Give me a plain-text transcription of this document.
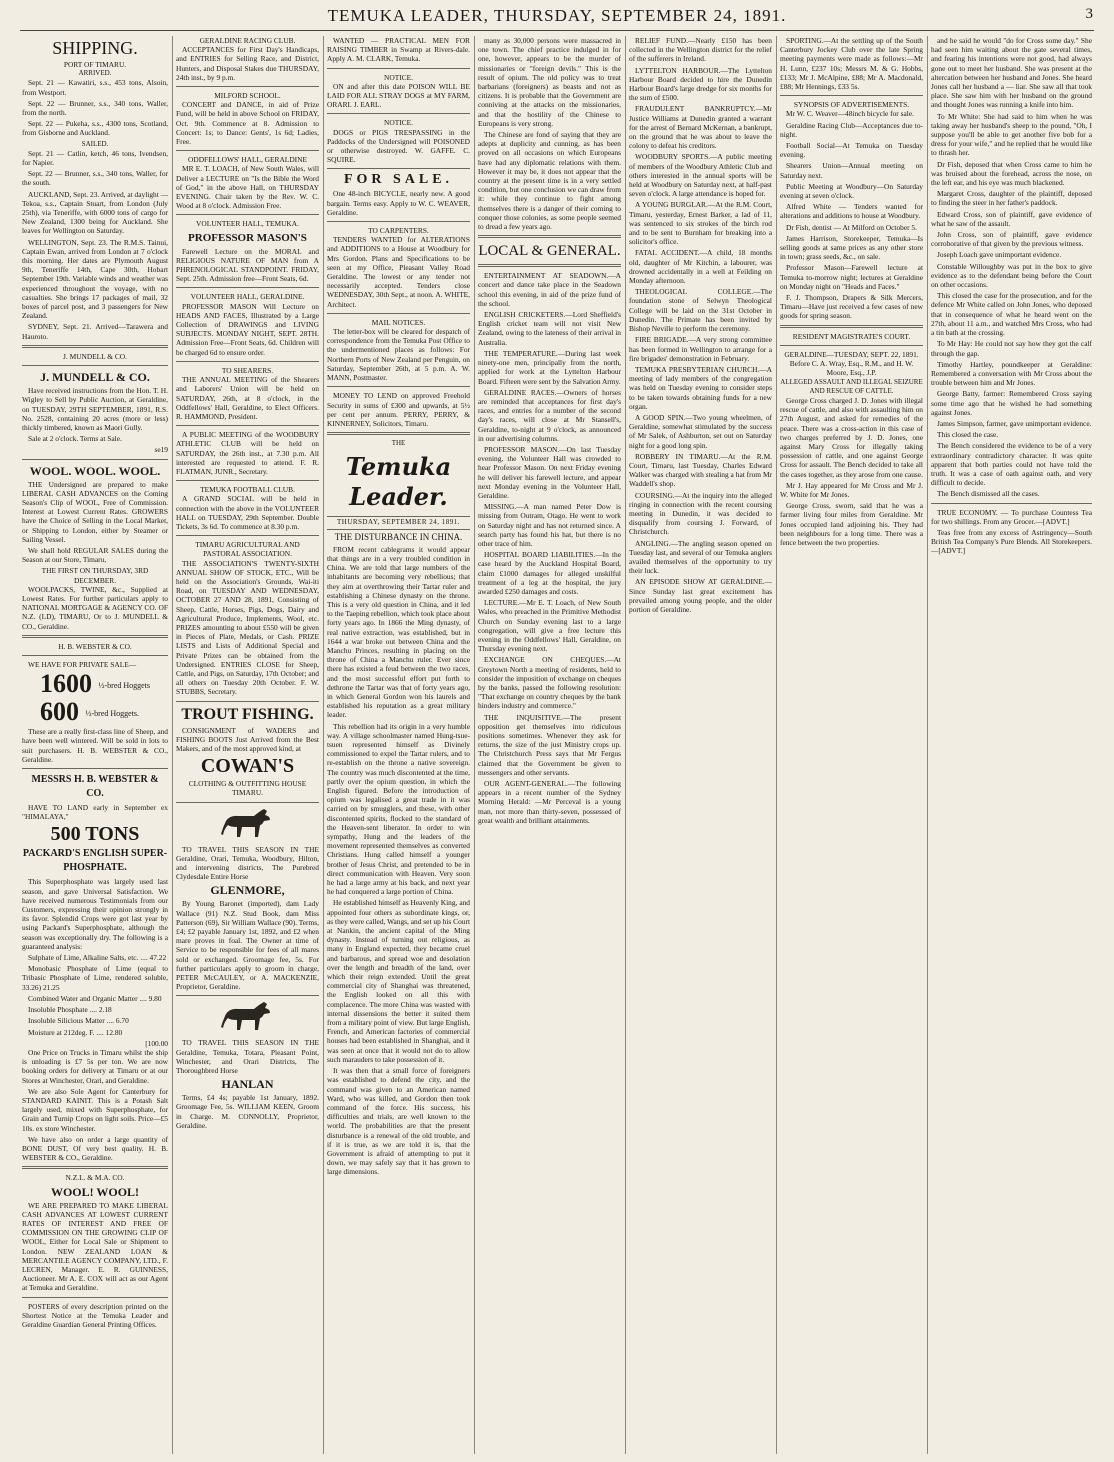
TEMUKA LEADER, THURSDAY, SEPTEMBER 24, 1891.	3
SHIPPING.
PORT OF TIMARU.
ARRIVED.

Sept. 21 — Kawatiri, s.s., 453 tons, Alsoin, from Westport.

Sept. 22 — Brunner, s.s., 340 tons, Waller, from the north.

Sept. 22 — Pukeha, s.s., 4300 tons, Scotland, from Gisborne and Auckland.

SAILED.

Sept. 21 — Catlin, ketch, 46 tons, Ivendsen, for Napier.

Sept. 22 — Brunner, s.s., 340 tons, Waller, for the south.

AUCKLAND, Sept. 23. Arrived, at daylight — Tekoa, s.s., Captain Stuart, from London (July 25th), via Teneriffe, with 6000 tons of cargo for New Zealand, 1300 being for Auckland. She leaves for Wellington on Saturday.

WELLINGTON, Sept. 23. The R.M.S. Tainui, Captain Ewan, arrived from London at 7 o'clock this morning. Her dates are Plymouth August 9th, Teneriffe 14th, Cape 30th, Hobart September 19th. Variable winds and weather was experienced throughout the voyage, with no casualties. She brings 17 packages of mail, 32 boxes of parcel post, and 3 passengers for New Zealand.

SYDNEY, Sept. 21. Arrived—Tarawera and Hauroto.

J. MUNDELL & CO.
J. MUNDELL & CO.

Have received instructions from the Hon. T. H. Wigley to Sell by Public Auction, at Geraldine, on TUESDAY, 29TH SEPTEMBER, 1891, R.S. No. 2528, containing 20 acres (more or less) thickly timbered, known as Maori Gully.

Sale at 2 o'clock. Terms at Sale.

se19
WOOL. WOOL. WOOL.

THE Undersigned are prepared to make LIBERAL CASH ADVANCES on the Coming Season's Clip of WOOL, Free of Commission. Interest at Lowest Current Rates. GROWERS have the Choice of Selling in the Local Market, or Shipping to London, either by Steamer or Sailing Vessel.

We shall hold REGULAR SALES during the Season at our Store, Timaru,

THE FIRST ON THURSDAY, 3RD DECEMBER.

WOOLPACKS, TWINE, &c., Supplied at Lowest Rates. For further particulars apply to NATIONAL MORTGAGE & AGENCY CO. OF N.Z. (LD), TIMARU, Or to J. MUNDELL & CO., Geraldine.

H. B. WEBSTER & CO.

WE HAVE FOR PRIVATE SALE—

1600 ½-bred Hoggets
600 ½-bred Hoggets.

These are a really first-class line of Sheep, and have been well wintered. Will be sold in lots to suit purchasers. H. B. WEBSTER & CO., Geraldine.

MESSRS H. B. WEBSTER & CO.

HAVE TO LAND early in September ex "HIMALAYA,"

500 TONS
PACKARD'S ENGLISH SUPER-PHOSPHATE.

This Superphosphate was largely used last season, and gave Universal Satisfaction. We have received numerous Testimonials from our Customers, expressing their opinion strongly in its favor. Splendid Crops were got last year by using Packard's Superphosphate, although the season was exceptionally dry. The following is a guaranteed analysis:

Sulphate of Lime, Alkaline Salts, etc. .... 47.22

Monobasic Phosphate of Lime (equal to Tribasic Phosphate of Lime, rendered soluble, 33.26) 21.25

Combined Water and Organic Matter .... 9.80

Insoluble Phosphate .... 2.18

Insoluble Silicious Matter .... 6.70

Moisture at 212deg. F. .... 12.80

[100.00

One Price on Trucks in Timaru whilst the ship is unloading is £7 5s per ton. We are now booking orders for delivery at Timaru or at our Stores at Winchester, Orari, and Geraldine.

We are also Sole Agent for Canterbury for STANDARD KAINIT. This is a Potash Salt largely used, mixed with Superphosphate, for Grain and Turnip Crops on light soils. Price—£5 10s. ex store Winchester.

We have also on order a large quantity of BONE DUST, Of very best quality. H. B. WEBSTER & CO., Geraldine.

N.Z.L. & M.A. CO.
WOOL! WOOL!

WE ARE PREPARED TO MAKE LIBERAL CASH ADVANCES AT LOWEST CURRENT RATES OF INTEREST AND FREE OF COMMISSION ON THE GROWING CLIP OF WOOL, Either for Local Sale or Shipment to London. NEW ZEALAND LOAN & MERCANTILE AGENCY COMPANY, LTD., F. LECREN, Manager. E. R. GUINNESS, Auctioneer. Mr A. E. COX will act as our Agent at Temuka and Geraldine.

POSTERS of every description printed on the Shortest Notice at the Temuka Leader and Geraldine Guardian General Printing Offices.

GERALDINE RACING CLUB.

ACCEPTANCES for First Day's Handicaps, and ENTRIES for Selling Race, and District, Hunters, and Disposal Stakes due THURSDAY, 24th inst., by 9 p.m.

MILFORD SCHOOL.

CONCERT and DANCE, in aid of Prize Fund, will be held in above School on FRIDAY, Oct. 9th. Commence at 8. Admission to Concert: 1s; to Dance: Gents', 1s 6d; Ladies, Free.

ODDFELLOWS' HALL, GERALDINE

MR E. T. LOACH, of New South Wales, will Deliver a LECTURE on "Is the Bible the Word of God," in the above Hall, on THURSDAY EVENING. Chair taken by the Rev. W. C. Wood at 8 o'clock. Admission Free.

VOLUNTEER HALL, TEMUKA.
PROFESSOR MASON'S

Farewell Lecture on the MORAL and RELIGIOUS NATURE OF MAN from A PHRENOLOGICAL STANDPOINT. FRIDAY, Sept. 25th. Admission free—Front Seats, 6d.

VOLUNTEER HALL, GERALDINE.

PROFESSOR MASON Will Lecture on HEADS AND FACES, Illustrated by a Large Collection of DRAWINGS and LIVING SUBJECTS. MONDAY NIGHT, SEPT. 28TH. Admission Free—Front Seats, 6d. Children will be charged 6d to ensure order.

TO SHEARERS.

THE ANNUAL MEETING of the Shearers and Laborers' Union will be held on SATURDAY, 26th, at 8 o'clock, in the Oddfellows' Hall, Geraldine, to Elect Officers. R. HAMMOND, President.

A PUBLIC MEETING of the WOODBURY ATHLETIC CLUB will be held on SATURDAY, the 26th inst., at 7.30 p.m. All interested are requested to attend. F. R. FLATMAN, JUNR., Secretary.

TEMUKA FOOTBALL CLUB.

A GRAND SOCIAL will be held in connection with the above in the VOLUNTEER HALL on TUESDAY, 29th September. Double Tickets, 3s 6d. To commence at 8.30 p.m.

TIMARU AGRICULTURAL AND PASTORAL ASSOCIATION.

THE ASSOCIATION'S TWENTY-SIXTH ANNUAL SHOW OF STOCK, ETC., Will be held on the Association's Grounds, Wai-iti Road, on TUESDAY AND WEDNESDAY, OCTOBER 27 AND 28, 1891, Consisting of Sheep, Cattle, Horses, Pigs, Dogs, Dairy and Agricultural Produce, Implements, Wool, etc. PRIZES amounting to about £550 will be given in Pieces of Plate, Medals, or Cash. PRIZE LISTS and Lists of Additional Special and Private Prizes can be obtained from the Undersigned. ENTRIES CLOSE for Sheep, Cattle, and Pigs, on Saturday, 17th October; and all others on Tuesday 20th October. F. W. STUBBS, Secretary.

TROUT FISHING.

CONSIGNMENT of WADERS and FISHING BOOTS Just Arrived from the Best Makers, and of the most approved kind, at

COWAN'S
CLOTHING & OUTFITTING HOUSE TIMARU.

TO TRAVEL THIS SEASON IN THE Geraldine, Orari, Temuka, Woodbury, Hilton, and intervening districts, The Purebred Clydesdale Entire Horse

GLENMORE,

By Young Baronet (imported), dam Lady Wallace (91) N.Z. Stud Book, dam Miss Patterson (69), Sir William Wallace (90). Terms, £4; £2 payable January 1st, 1892, and £2 when mare proves in foal. The Owner at time of Service to be responsible for fees of all mares sold or exchanged. Groomage fee, 5s. For further particulars apply to groom in charge, PETER McCAULEY, or A. MACKENZIE, Proprietor, Geraldine.

TO TRAVEL THIS SEASON IN THE Geraldine, Temuka, Totara, Pleasant Point, Winchester, and Orari Districts, The Thoroughbred Horse

HANLAN

Terms, £4 4s; payable 1st January, 1892. Groomage Fee, 5s. WILLIAM KEEN, Groom in Charge. M. CONNOLLY, Proprietor, Geraldine.

WANTED — PRACTICAL MEN FOR RAISING TIMBER in Swamp at Rivers-dale. Apply A. M. CLARK, Temuka.

NOTICE.

ON and after this date POISON WILL BE LAID FOR ALL STRAY DOGS at MY FARM, ORARI. J. EARL.

NOTICE.

DOGS or PIGS TRESPASSING in the Paddocks of the Undersigned will POISONED or otherwise destroyed. W. GAFFE. C. SQUIRE.

FOR SALE.

One 48-inch BICYCLE, nearly new. A good bargain. Terms easy. Apply to W. C. WEAVER, Geraldine.

TO CARPENTERS.

TENDERS WANTED for ALTERATIONS and ADDITIONS to a House at Woodbury for Mrs Gordon. Plans and Specifications to be seen at my Office, Pleasant Valley Road Geraldine. The lowest or any tender not necessarily accepted. Tenders close WEDNESDAY, 30th Sept., at noon. A. WHITE, Architect.

MAIL NOTICES.

The letter-box will be cleared for despatch of correspondence from the Temuka Post Office to the undermentioned places as follows: For Northern Ports of New Zealand per Penguin, on Saturday, September 26th, at 5 p.m. A. W. MANN, Postmaster.

MONEY TO LEND on approved Freehold Security in sums of £300 and upwards, at 5½ per cent per annum. PERRY, PERRY, & KINNERNEY, Solicitors, Timaru.

THE
Temuka Leader.
THURSDAY, SEPTEMBER 24, 1891.
THE DISTURBANCE IN CHINA.

FROM recent cablegrams it would appear that things are in a very troubled condition in China. We are told that large numbers of the inhabitants are becoming very rebellious; that they aim at overthrowing their Tartar ruler and establishing a Chinese dynasty on the throne. This is a very old question in China, and it led to the Taeping rebellion, which took place about forty years ago. In 1866 the Ming dynasty, of real native extraction, was established, but in 1644 a war broke out between China and the Manchu Princes, resulting in placing on the throne of China a Manchu ruler. Ever since there has existed a feud between the two races, and the most successful effort put forth to dethrone the Tartar was that of forty years ago, in which General Gordon won his laurels and established his reputation as a great military leader.

This rebellion had its origin in a very humble way. A village schoolmaster named Hung-tsue-tsuen represented himself as Divinely commissioned to expel the Tartar rulers, and to re-establish on the throne a native sovereign. The country was much discontented at the time, partly over the opium question, in which the English figured. Before the introduction of opium was legalised a great trade in it was carried on by smugglers, and these, with other discontented spirits, flocked to the standard of the Heaven-sent liberator. In order to win sympathy, Hung and the leaders of the movement represented themselves as converted Christians. Hung called himself a younger brother of Jesus Christ, and pretended to be in direct communication with Heaven. Very soon he had a large army at his back, and next year he had conquered a large portion of China.

He established himself as Heavenly King, and appointed four others as subordinate kings, or, as they were called, Wangs, and set up his Court at Nankin, the ancient capital of the Ming dynasty. Instead of turning out religious, as many in England expected, they became cruel and barbarous, and spread woe and desolation over the length and breadth of the land, over which their reign extended. Until the great commercial city of Shanghai was threatened, the English looked on all this with complacence. The more China was wasted with internal dissensions the better it suited them from a military point of view. But large English, French, and American factories of commercial houses had been established in Shanghai, and it was seen at once that it would not do to allow such marauders to take possession of it.

It was then that a small force of foreigners was established to defend the city, and the command was given to an American named Ward, who was killed, and Gordon then took command of the force. His success, his difficulties and trials, are well known to the world. The probabilities are that the present disturbance is a renewal of the old trouble, and if it is true, as we are told it is, that the Government is afraid of attempting to put it down, we may safely say that it has grown to large dimensions.

many as 30,000 persons were massacred in one town. The chief practice indulged in for one, however, appears to be the murder of missionaries or "foreign devils." This is the result of opium. The old policy was to treat barbarians (foreigners) as beasts and not as citizens. It is probable that the Government are conniving at the attacks on the missionaries, and that the hostility of the Chinese to Europeans is very strong.

The Chinese are fond of saying that they are adepts at duplicity and cunning, as has been proved on all occasions on which Europeans have had any diplomatic relations with them. However it may be, it does not appear that the country at the present time is in a very settled condition, but one conclusion we can draw from it: while they continue to fight among themselves there is a danger of their coming to conquer those colonies, as some people seemed to dread a few years ago.

LOCAL & GENERAL.

ENTERTAINMENT AT SEADOWN.—A concert and dance take place in the Seadown school this evening, in aid of the prize fund of the school.

ENGLISH CRICKETERS.—Lord Sheffield's English cricket team will not visit New Zealand, owing to the lateness of their arrival in Australia.

THE TEMPERATURE.—During last week ninety-one men, principally from the north, applied for work at the Lyttelton Harbour Board. Fifteen were sent by the Salvation Army.

GERALDINE RACES.—Owners of horses are reminded that acceptances for first day's races, and entries for a number of the second day's races, will close at Mr Stansell's, Geraldine, to-night at 9 o'clock, as announced in our advertising columns.

PROFESSOR MASON.—On last Tuesday evening, the Volunteer Hall was crowded to hear Professor Mason. On next Friday evening he will deliver his farewell lecture, and appear next Monday evening in the Volunteer Hall, Geraldine.

MISSING.—A man named Peter Dow is missing from Outram, Otago. He went to work on Saturday night and has not returned since. A search party has found his hat, but there is no other trace of him.

HOSPITAL BOARD LIABILITIES.—In the case heard by the Auckland Hospital Board, claim £1000 damages for alleged unskilful treatment of a leg at the hospital, the jury awarded £250 damages and costs.

LECTURE.—Mr E. T. Loach, of New South Wales, who preached in the Primitive Methodist Church on Sunday evening last to a large congregation, will give a free lecture this evening in the Oddfellows' Hall, Geraldine, on Thursday evening next.

EXCHANGE ON CHEQUES.—At Greytown North a meeting of residents, held to consider the imposition of exchange on cheques by the banks, passed the following resolution: "That exchange on country cheques by the bank hinders industry and commerce."

THE INQUISITIVE.—The present opposition get themselves into ridiculous positions sometimes. Whenever they ask for returns, the size of the just Ministry crops up. The Christchurch Press says that Mr Fergus claimed that the Government be given to messengers and other servants.

OUR AGENT-GENERAL.—The following appears in a recent number of the Sydney Morning Herald: —Mr Perceval is a young man, not more than thirty-seven, possessed of great wealth and brilliant attainments.

RELIEF FUND.—Nearly £150 has been collected in the Wellington district for the relief of the sufferers in Ireland.

LYTTELTON HARBOUR.—The Lyttelton Harbour Board decided to hire the Dunedin Harbour Board's large dredge for six months for the sum of £500.

FRAUDULENT BANKRUPTCY.—Mr Justice Williams at Dunedin granted a warrant for the arrest of Bernard McKernan, a bankrupt, on the ground that he was about to leave the colony to defeat his creditors.

WOODBURY SPORTS.—A public meeting of members of the Woodbury Athletic Club and others interested in the annual sports will be held at Woodbury on Saturday next, at half-past seven o'clock. A large attendance is hoped for.

A YOUNG BURGLAR.—At the R.M. Court, Timaru, yesterday, Ernest Barker, a lad of 11, was sentenced to six strokes of the birch rod and to be sent to Burnham for breaking into a solicitor's office.

FATAL ACCIDENT.—A child, 18 months old, daughter of Mr Kitchin, a labourer, was drowned accidentally in a well at Feilding on Monday afternoon.

THEOLOGICAL COLLEGE.—The foundation stone of Selwyn Theological College will be laid on the 31st October in Dunedin. The Primate has been invited by Bishop Neville to perform the ceremony.

FIRE BRIGADE.—A very strong committee has been formed in Wellington to arrange for a fire brigades' demonstration in February.

TEMUKA PRESBYTERIAN CHURCH.—A meeting of lady members of the congregation was held on Tuesday evening to consider steps to be taken towards obtaining funds for a new organ.

A GOOD SPIN.—Two young wheelmen, of Geraldine, somewhat stimulated by the success of Mr Salek, of Ashburton, set out on Saturday night for a good long spin.

ROBBERY IN TIMARU.—At the R.M. Court, Timaru, last Tuesday, Charles Edward Walker was charged with stealing a hat from Mr Waddell's shop.

COURSING.—At the inquiry into the alleged ringing in connection with the recent coursing meeting in Dunedin, it was decided to disqualify from coursing J. Forward, of Christchurch.

ANGLING.—The angling season opened on Tuesday last, and several of our Temuka anglers availed themselves of the opportunity to try their luck.

AN EPISODE SHOW AT GERALDINE.—Since Sunday last great excitement has prevailed among young people, and the older portion of Geraldine.

SPORTING.—At the settling up of the South Canterbury Jockey Club over the late Spring meeting payments were made as follows:—Mr H. Lunn, £237 10s; Messrs M. & G. Hobbs, £133; Mr J. McAlpine, £88; Mr A. Macdonald, £88; Mr Hennings, £33 5s.

SYNOPSIS OF ADVERTISEMENTS.

Mr W. C. Weaver—48inch bicycle for sale.

Geraldine Racing Club—Acceptances due to-night.

Football Social—At Temuka on Tuesday evening.

Shearers Union—Annual meeting on Saturday next.

Public Meeting at Woodbury—On Saturday evening at seven o'clock.

Alfred White — Tenders wanted for alterations and additions to house at Woodbury.

Dr Fish, dentist — At Milford on October 5.

James Harrison, Storekeeper, Temuka—Is selling goods at same prices as any other store in town; grass seeds, &c., on sale.

Professor Mason—Farewell lecture at Temuka to-morrow night; lectures at Geraldine on Monday night on "Heads and Faces."

F. J. Thompson, Drapers & Silk Mercers, Timaru—Have just received a few cases of new goods for spring season.

RESIDENT MAGISTRATE'S COURT.
GERALDINE—TUESDAY, SEPT. 22, 1891.
Before C. A. Wray, Esq., R.M., and H. W. Moore, Esq., J.P.
ALLEGED ASSAULT AND ILLEGAL SEIZURE AND RESCUE OF CATTLE.

George Cross charged J. D. Jones with illegal rescue of cattle, and also with assaulting him on 27th August, and asked for remedies of the peace. There was a cross-action in this case of two charges preferred by J. D. Jones, one against Mary Cross for illegally taking possession of cattle, and one against George Cross for assault. The Bench decided to take all the cases together, as they arose from one cause.

Mr J. Hay appeared for Mr Cross and Mr J. W. White for Mr Jones.

George Cross, sworn, said that he was a farmer living four miles from Geraldine. Mr Jones occupied land adjoining his. They had been neighbours for a long time. There was a fence between the two properties.

and he said he would "do for Cross some day." She had seen him waiting about the gate several times, and fearing his intentions were not good, had always gone out to meet her husband. She was present at the altercation between her husband and Jones. She heard Jones call her husband a — liar. She saw all that took place. She saw him with her husband on the ground and thought Jones was running a knife into him.

To Mr White: She had said to him when he was taking away her husband's sheep to the pound, "Oh, I suppose you'll be able to get another five bob for a dress for your wife," and he replied that he would like to thrash her.

Dr Fish, deposed that when Cross came to him he was bruised about the forehead, across the nose, on the left ear, and his eye was much blackened.

Margaret Cross, daughter of the plaintiff, deposed to finding the steer in her father's paddock.

Edward Cross, son of plaintiff, gave evidence of what he saw of the assault.

John Cross, son of plaintiff, gave evidence corroborative of that given by the previous witness.

Joseph Loach gave unimportant evidence.

Constable Willoughby was put in the box to give evidence as to the defendant being before the Court on other occasions.

This closed the case for the prosecution, and for the defence Mr White called on John Jones, who deposed that in consequence of what he heard went on the 27th, about 11 a.m., and watched Mrs Cross, who had a tin bath at the crossing.

To Mr Hay: He could not say how they got the calf through the gap.

Timothy Hartley, poundkeeper at Geraldine: Remembered a conversation with Mr Cross about the trouble between him and Mr Jones.

George Batty, farmer: Remembered Cross saying some time ago that he wished he had something against Jones.

James Simpson, farmer, gave unimportant evidence.

This closed the case.

The Bench considered the evidence to be of a very extraordinary contradictory character. It was quite apparent that both parties could not have told the truth. It was a case of oath against oath, and very difficult to decide.

The Bench dismissed all the cases.

TRUE ECONOMY. — To purchase Countess Tea for two shillings. From any Grocer.—[ADVT.]

Teas free from any excess of Astringency—South British Tea Company's Pure Blends. All Storekeepers.—[ADVT.]
